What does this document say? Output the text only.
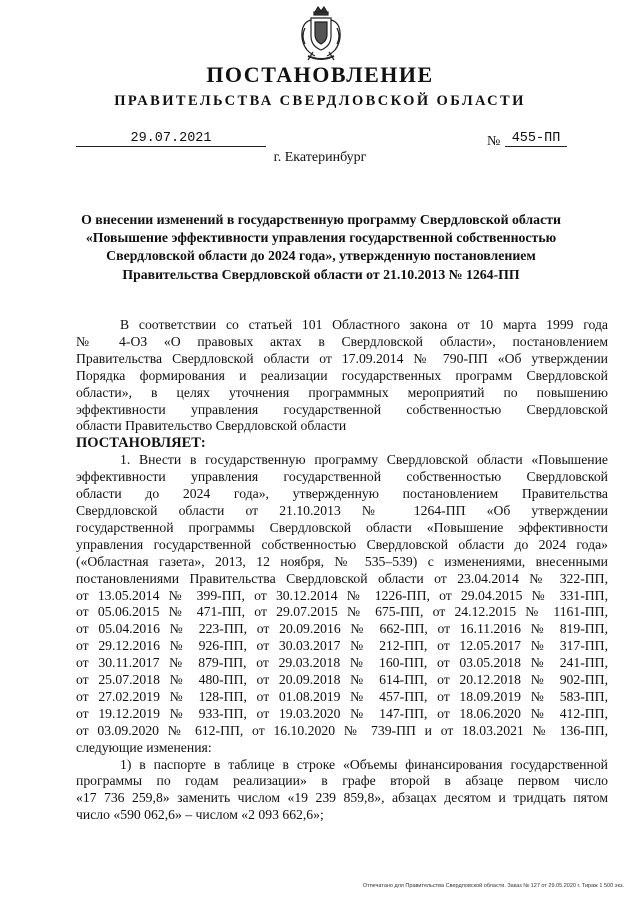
ПОСТАНОВЛЕНИЕ
ПРАВИТЕЛЬСТВА СВЕРДЛОВСКОЙ ОБЛАСТИ
29.07.2021	№ 455-ПП
г. Екатеринбург
О внесении изменений в государственную программу Свердловской области
«Повышение эффективности управления государственной собственностью
Свердловской области до 2024 года», утвержденную постановлением
Правительства Свердловской области от 21.10.2013 № 1264-ПП
В соответствии со статьей 101 Областного закона от 10 марта 1999 года
№ 4-ОЗ «О правовых актах в Свердловской области», постановлением
Правительства Свердловской области от 17.09.2014 № 790-ПП «Об утверждении
Порядка формирования и реализации государственных программ Свердловской
области», в целях уточнения программных мероприятий по повышению
эффективности управления государственной собственностью Свердловской
области Правительство Свердловской области
ПОСТАНОВЛЯЕТ:
1. Внести в государственную программу Свердловской области «Повышение
эффективности управления государственной собственностью Свердловской
области до 2024 года», утвержденную постановлением Правительства
Свердловской области от 21.10.2013 № 1264-ПП «Об утверждении
государственной программы Свердловской области «Повышение эффективности
управления государственной собственностью Свердловской области до 2024 года»
(«Областная газета», 2013, 12 ноября, № 535–539) с изменениями, внесенными
постановлениями Правительства Свердловской области от 23.04.2014 № 322-ПП,
от 13.05.2014 № 399-ПП, от 30.12.2014 № 1226-ПП, от 29.04.2015 № 331-ПП,
от 05.06.2015 № 471-ПП, от 29.07.2015 № 675-ПП, от 24.12.2015 № 1161-ПП,
от 05.04.2016 № 223-ПП, от 20.09.2016 № 662-ПП, от 16.11.2016 № 819-ПП,
от 29.12.2016 № 926-ПП, от 30.03.2017 № 212-ПП, от 12.05.2017 № 317-ПП,
от 30.11.2017 № 879-ПП, от 29.03.2018 № 160-ПП, от 03.05.2018 № 241-ПП,
от 25.07.2018 № 480-ПП, от 20.09.2018 № 614-ПП, от 20.12.2018 № 902-ПП,
от 27.02.2019 № 128-ПП, от 01.08.2019 № 457-ПП, от 18.09.2019 № 583-ПП,
от 19.12.2019 № 933-ПП, от 19.03.2020 № 147-ПП, от 18.06.2020 № 412-ПП,
от 03.09.2020 № 612-ПП, от 16.10.2020 № 739-ПП и от 18.03.2021 № 136-ПП,
следующие изменения:
1) в паспорте в таблице в строке «Объемы финансирования государственной
программы по годам реализации» в графе второй в абзаце первом число
«17 736 259,8» заменить числом «19 239 859,8», абзацах десятом и тридцать пятом
число «590 062,6» – числом «2 093 662,6»;
Отпечатано для Правительства Свердловской области. Заказ № 127 от 29.05.2020 г. Тираж 1 500 экз.
